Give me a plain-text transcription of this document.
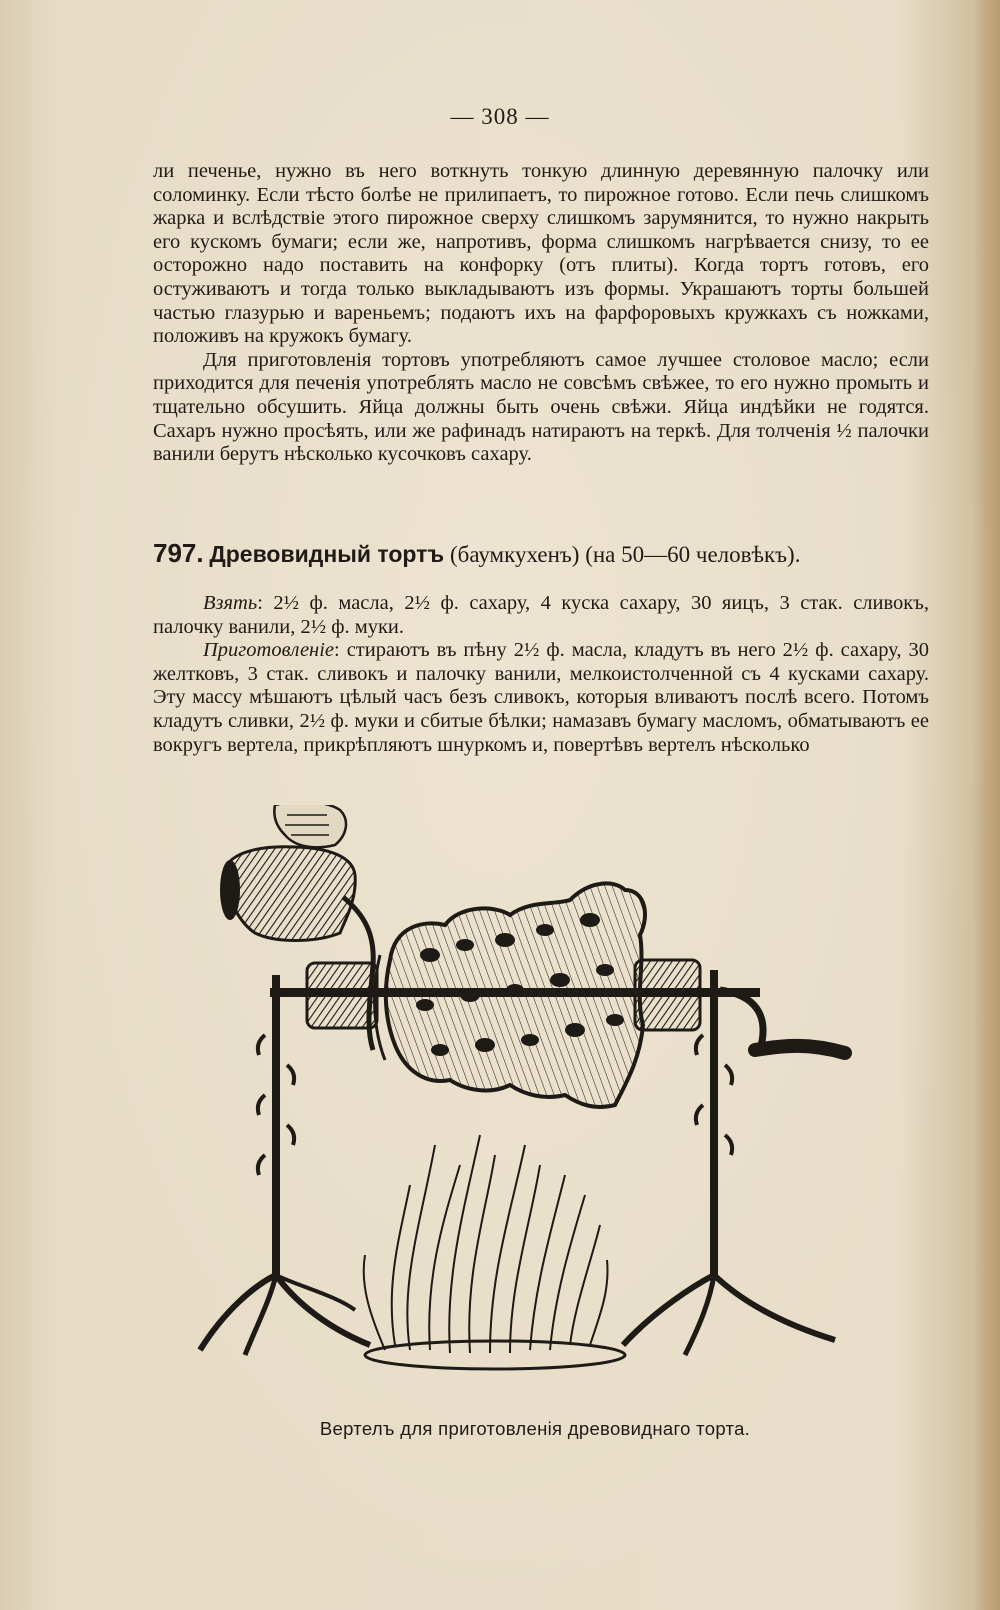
— 308 —

ли печенье, нужно въ него воткнуть тонкую длинную деревянную палочку или соломинку. Если тѣсто болѣе не прилипаетъ, то пирожное готово. Если печь слишкомъ жарка и вслѣдствіе этого пирожное сверху слишкомъ зарумянится, то нужно накрыть его кускомъ бумаги; если же, напротивъ, форма слишкомъ нагрѣвается снизу, то ее осторожно надо поставить на конфорку (отъ плиты). Когда тортъ готовъ, его остуживаютъ и тогда только выкладываютъ изъ формы. Украшаютъ торты большей частью глазурью и вареньемъ; подаютъ ихъ на фарфоровыхъ кружкахъ съ ножками, положивъ на кружокъ бумагу.

Для приготовленія тортовъ употребляютъ самое лучшее столовое масло; если приходится для печенія употреблять масло не совсѣмъ свѣжее, то его нужно промыть и тщательно обсушить. Яйца должны быть очень свѣжи. Яйца индѣйки не годятся. Сахаръ нужно просѣять, или же рафинадъ натираютъ на теркѣ. Для толченія ½ палочки ванили берутъ нѣсколько кусочковъ сахару.

797. Древовидный тортъ (баумкухенъ) (на 50—60 человѣкъ).

Взять: 2½ ф. масла, 2½ ф. сахару, 4 куска сахару, 30 яицъ, 3 стак. сливокъ, палочку ванили, 2½ ф. муки.

Приготовленіе: стираютъ въ пѣну 2½ ф. масла, кладутъ въ него 2½ ф. сахару, 30 желтковъ, 3 стак. сливокъ и палочку ванили, мелкоистолченной съ 4 кусками сахару. Эту массу мѣшаютъ цѣлый часъ безъ сливокъ, которыя вливаютъ послѣ всего. Потомъ кладутъ сливки, 2½ ф. муки и сбитые бѣлки; намазавъ бумагу масломъ, обматываютъ ее вокругъ вертела, прикрѣпляютъ шнуркомъ и, повертѣвъ вертелъ нѣсколько

Вертелъ для приготовленія древовиднаго торта.
